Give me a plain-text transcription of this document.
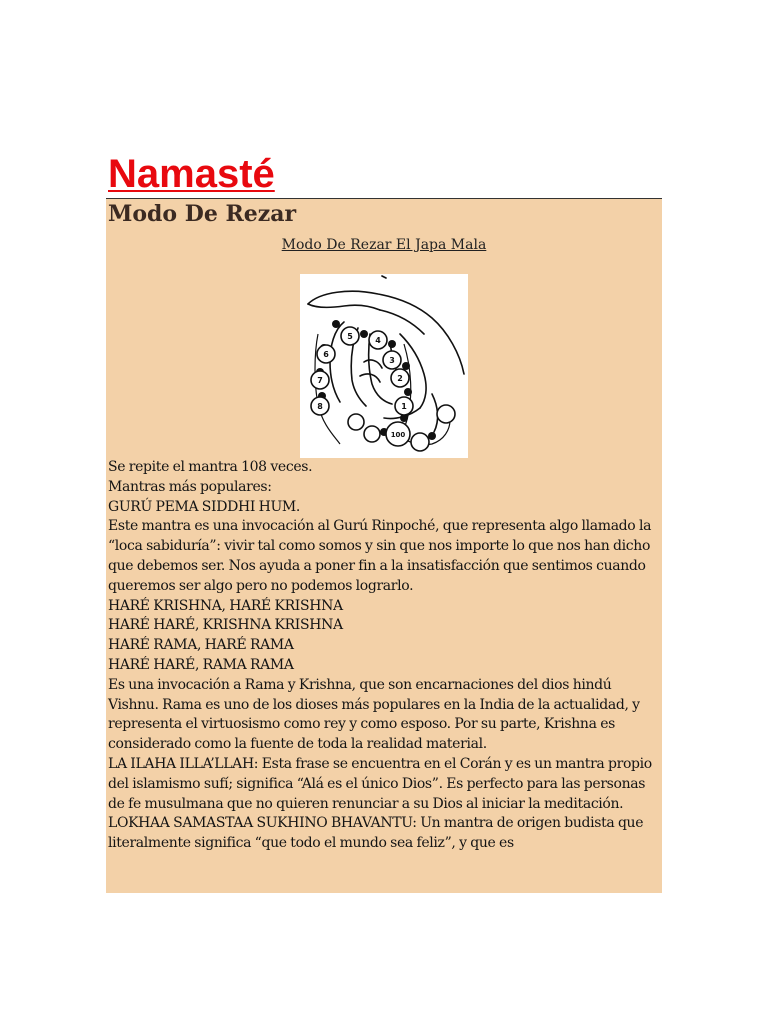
Namasté
Modo De Rezar
Modo De Rezar El Japa Mala
5	4
3
6
2
7
1
8
100

Se repite el mantra 108 veces.

Mantras más populares:

GURÚ PEMA SIDDHI HUM.

Este mantra es una invocación al Gurú Rinpoché, que representa algo llamado la “loca sabiduría”: vivir tal como somos y sin que nos importe lo que nos han dicho que debemos ser. Nos ayuda a poner fin a la insatisfacción que sentimos cuando queremos ser algo pero no podemos lograrlo.

HARÉ KRISHNA, HARÉ KRISHNA

HARÉ HARÉ, KRISHNA KRISHNA

HARÉ RAMA, HARÉ RAMA

HARÉ HARÉ, RAMA RAMA

Es una invocación a Rama y Krishna, que son encarnaciones del dios hindú Vishnu. Rama es uno de los dioses más populares en la India de la actualidad, y representa el virtuosismo como rey y como esposo. Por su parte, Krishna es considerado como la fuente de toda la realidad material.

LA ILAHA ILLA’LLAH: Esta frase se encuentra en el Corán y es un mantra propio del islamismo sufí; significa “Alá es el único Dios”. Es perfecto para las personas de fe musulmana que no quieren renunciar a su Dios al iniciar la meditación.

LOKHAA SAMASTAA SUKHINO BHAVANTU: Un mantra de origen budista que literalmente significa “que todo el mundo sea feliz”, y que es
